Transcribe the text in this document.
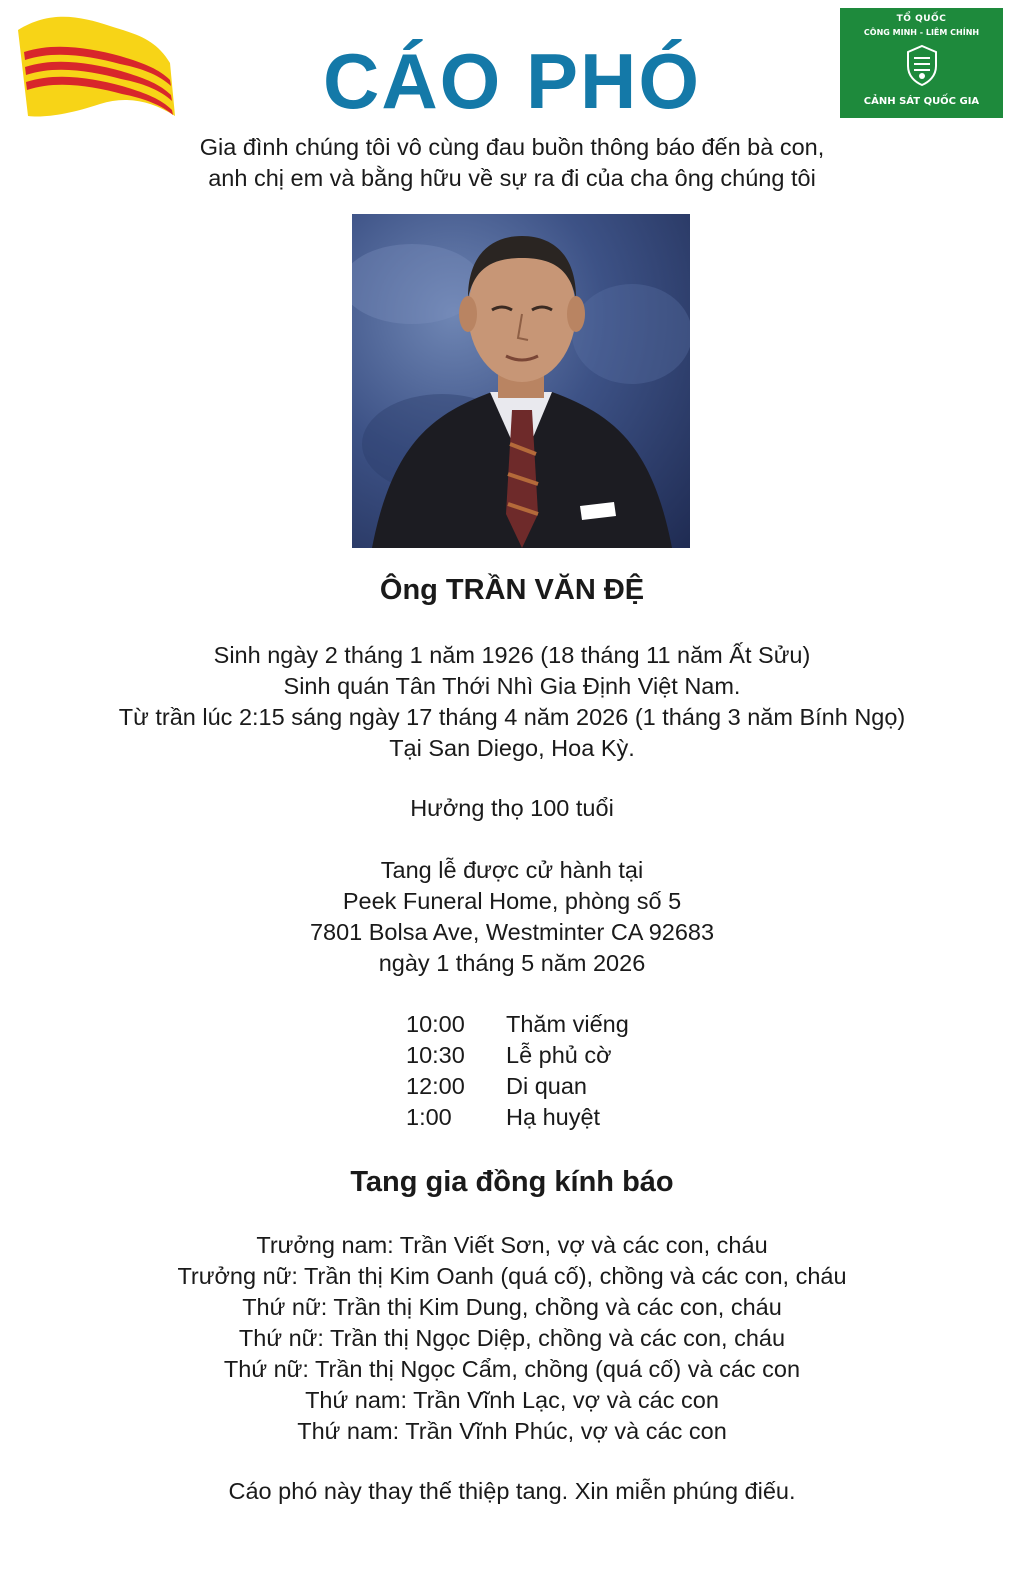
TỔ QUỐC
CÔNG MINH - LIÊM CHÍNH
CẢNH SÁT QUỐC GIA
CÁO PHÓ
Gia đình chúng tôi vô cùng đau buồn thông báo đến bà con,
anh chị em và bằng hữu về sự ra đi của cha ông chúng tôi
Ông TRẦN VĂN ĐỆ
Sinh ngày 2 tháng 1 năm 1926 (18 tháng 11 năm Ất Sửu)
Sinh quán Tân Thới Nhì Gia Định Việt Nam.
Từ trần lúc 2:15 sáng ngày 17 tháng 4 năm 2026 (1 tháng 3 năm Bính Ngọ)
Tại San Diego, Hoa Kỳ.
Hưởng thọ 100 tuổi
Tang lễ được cử hành tại
Peek Funeral Home, phòng số 5
7801 Bolsa Ave, Westminter CA 92683
ngày 1 tháng 5 năm 2026
10:00	Thăm viếng
10:30	Lễ phủ cờ
12:00	Di quan
1:00	Hạ huyệt
Tang gia đồng kính báo
Trưởng nam: Trần Viết Sơn, vợ và các con, cháu
Trưởng nữ: Trần thị Kim Oanh (quá cố), chồng và các con, cháu
Thứ nữ: Trần thị Kim Dung, chồng và các con, cháu
Thứ nữ: Trần thị Ngọc Diệp, chồng và các con, cháu
Thứ nữ: Trần thị Ngọc Cẩm, chồng (quá cố) và các con
Thứ nam: Trần Vĩnh Lạc, vợ và các con
Thứ nam: Trần Vĩnh Phúc, vợ và các con
Cáo phó này thay thế thiệp tang. Xin miễn phúng điếu.
